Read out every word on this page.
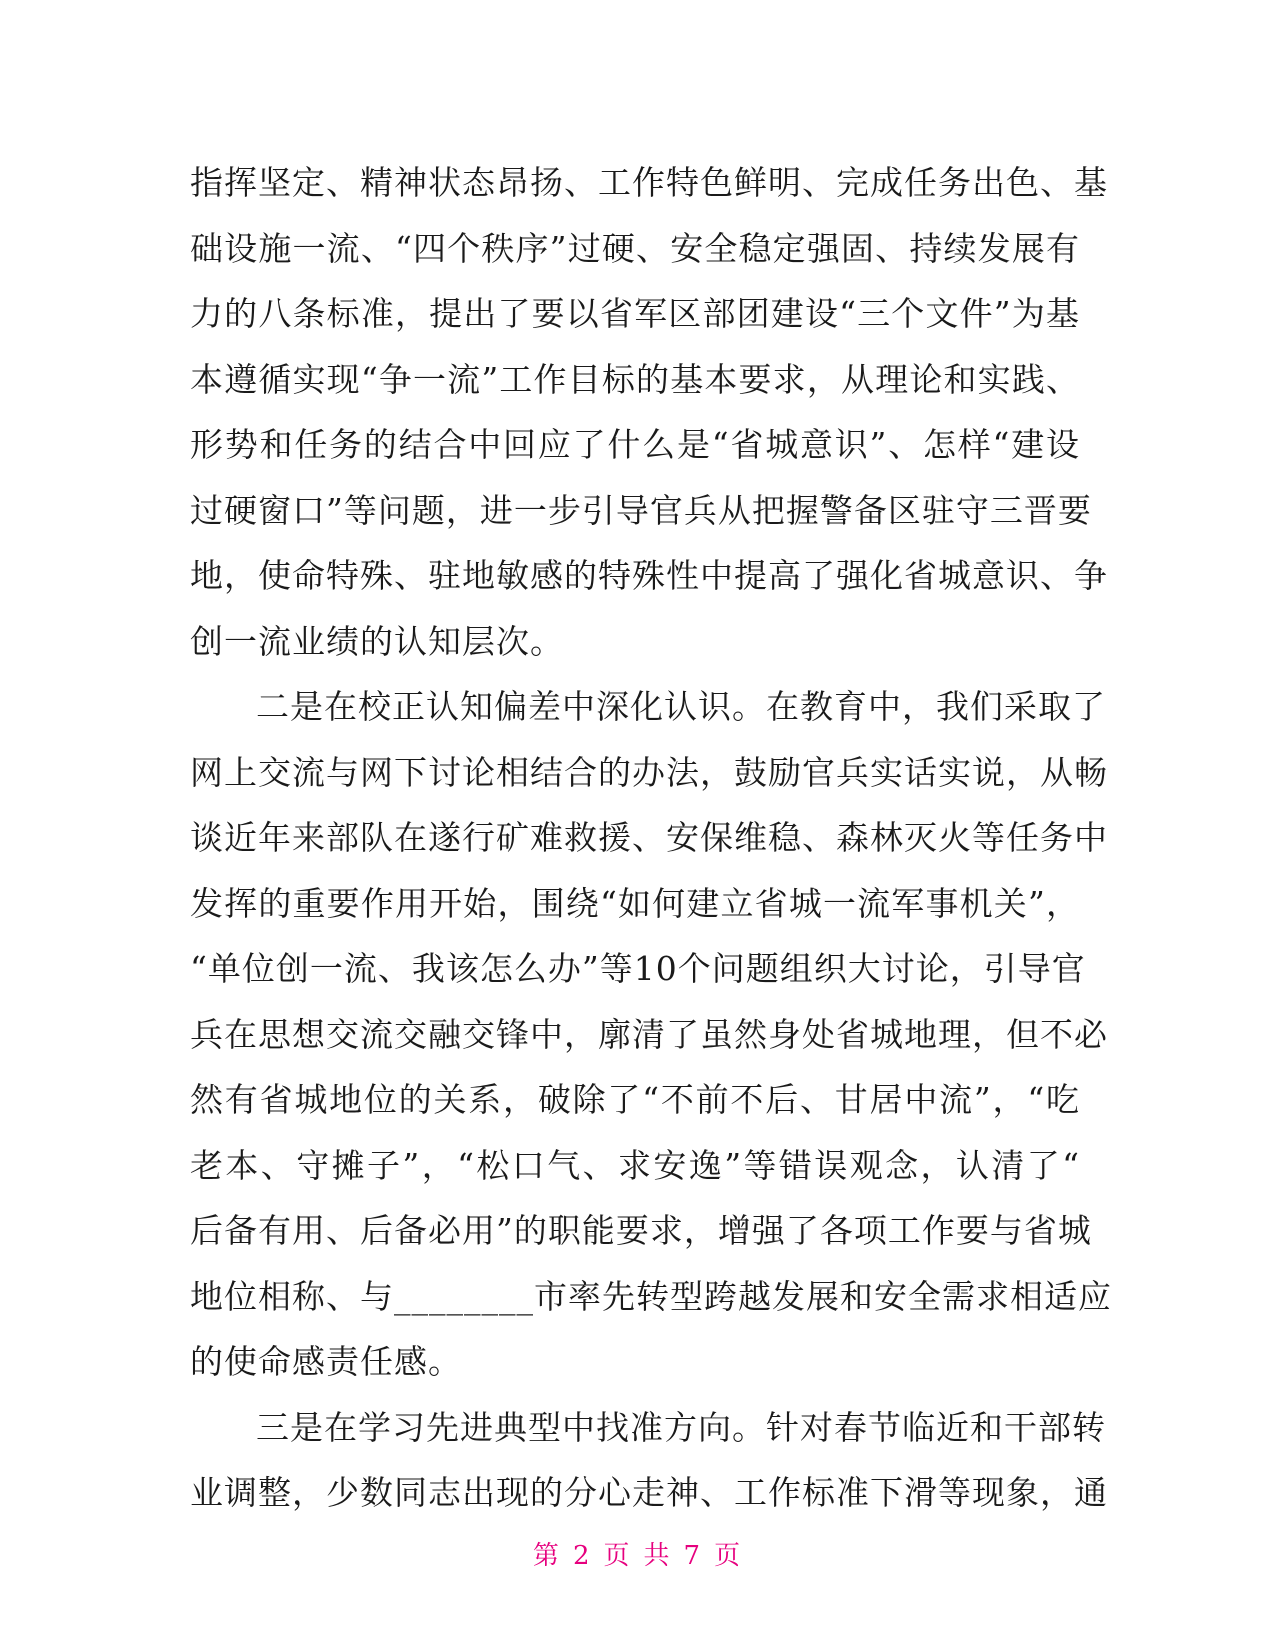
指挥坚定、精神状态昂扬、工作特色鲜明、完成任务出色、基
础设施一流、“四个秩序”过硬、安全稳定强固、持续发展有
力的八条标准，提出了要以省军区部团建设“三个文件”为基
本遵循实现“争一流”工作目标的基本要求，从理论和实践、
形势和任务的结合中回应了什么是“省城意识”、怎样“建设
过硬窗口”等问题，进一步引导官兵从把握警备区驻守三晋要
地，使命特殊、驻地敏感的特殊性中提高了强化省城意识、争
创一流业绩的认知层次。
二是在校正认知偏差中深化认识。在教育中，我们采取了
网上交流与网下讨论相结合的办法，鼓励官兵实话实说，从畅
谈近年来部队在遂行矿难救援、安保维稳、森林灭火等任务中
发挥的重要作用开始，围绕“如何建立省城一流军事机关”，
“单位创一流、我该怎么办”等10个问题组织大讨论，引导官
兵在思想交流交融交锋中，廓清了虽然身处省城地理，但不必
然有省城地位的关系，破除了“不前不后、甘居中流”，“吃
老本、守摊子”，“松口气、求安逸”等错误观念，认清了“
后备有用、后备必用”的职能要求，增强了各项工作要与省城
地位相称、与________市率先转型跨越发展和安全需求相适应
的使命感责任感。
三是在学习先进典型中找准方向。针对春节临近和干部转
业调整，少数同志出现的分心走神、工作标准下滑等现象，通
第 2 页 共 7 页
